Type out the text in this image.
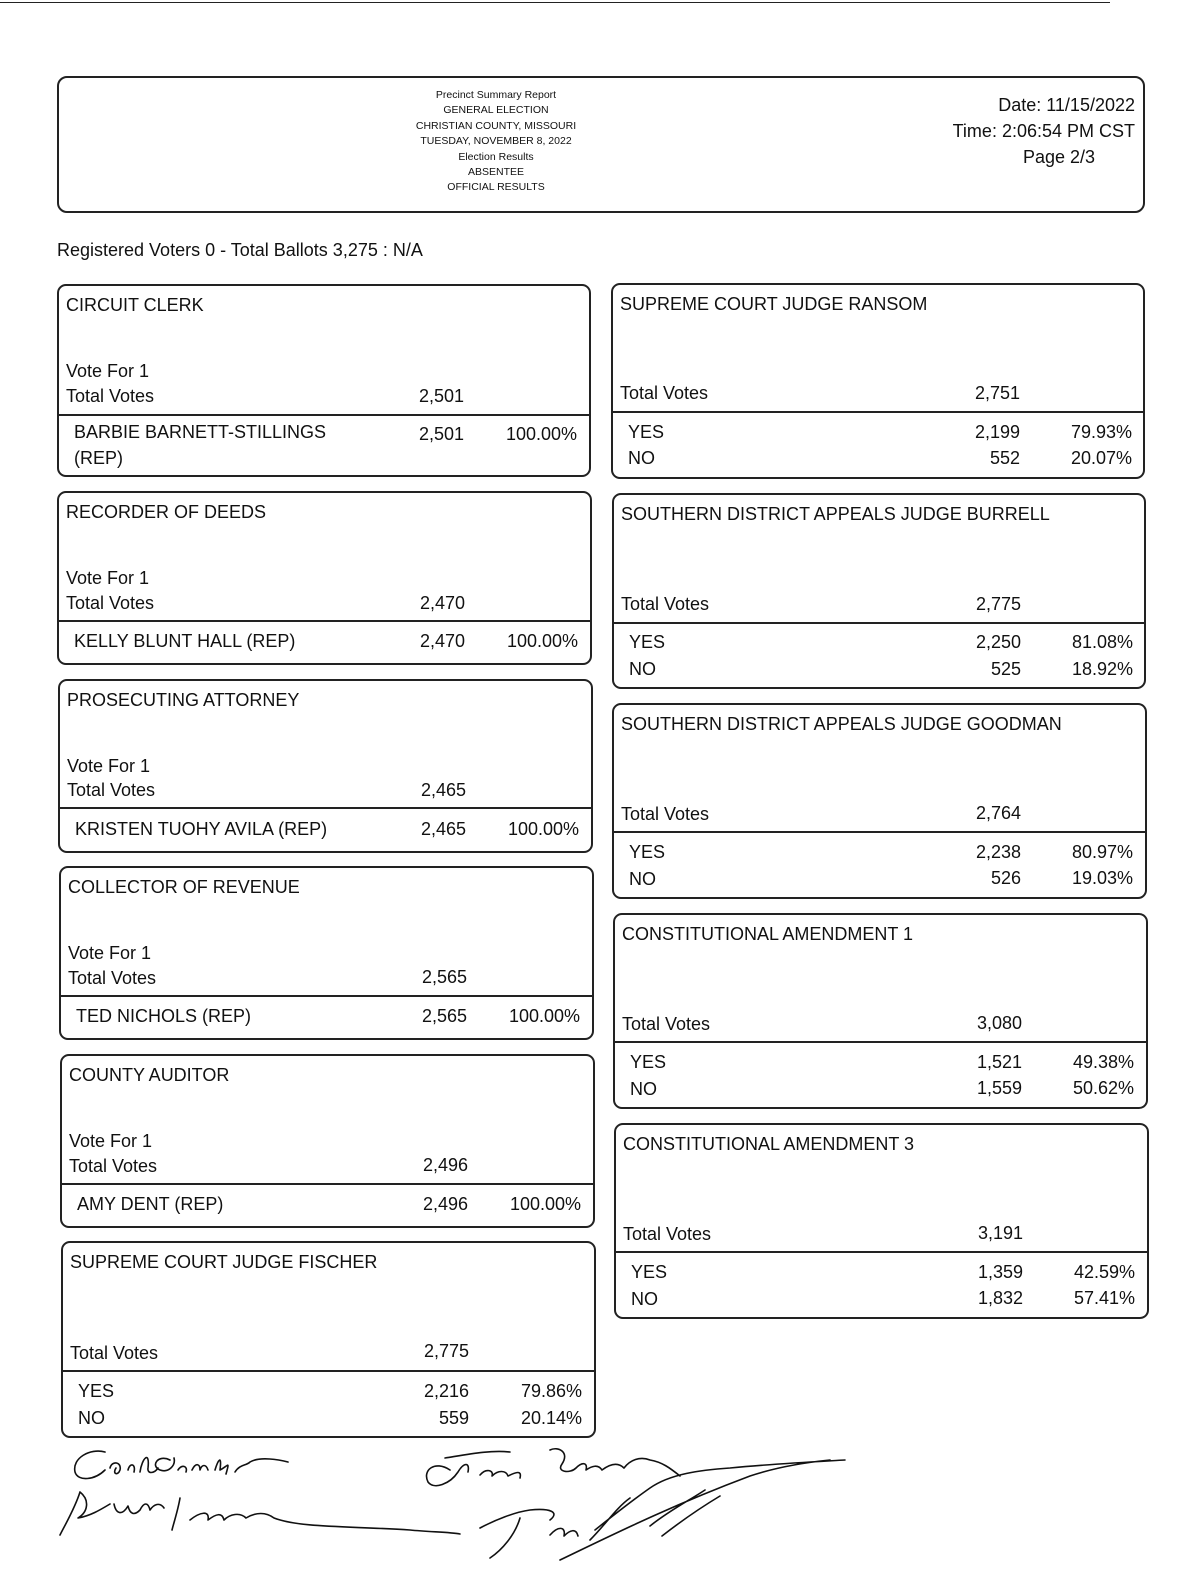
Precinct Summary Report
GENERAL ELECTION
CHRISTIAN COUNTY, MISSOURI
TUESDAY, NOVEMBER 8, 2022
Election Results
ABSENTEE
OFFICIAL RESULTS
Date: 11/15/2022
Time: 2:06:54 PM CST
Page 2/3
Registered Voters 0 - Total Ballots 3,275 : N/A
CIRCUIT CLERK
Vote For 1
Total Votes	2,501
BARBIE BARNETT-STILLINGS
(REP)
2,501	100.00%
RECORDER OF DEEDS
Vote For 1
Total Votes	2,470
KELLY BLUNT HALL (REP)	2,470	100.00%
PROSECUTING ATTORNEY
Vote For 1
Total Votes	2,465
KRISTEN TUOHY AVILA (REP)	2,465	100.00%
COLLECTOR OF REVENUE
Vote For 1
Total Votes	2,565
TED NICHOLS (REP)	2,565	100.00%
COUNTY AUDITOR
Vote For 1
Total Votes	2,496
AMY DENT (REP)	2,496	100.00%
SUPREME COURT JUDGE FISCHER
Total Votes	2,775
YES	2,216	79.86%
NO	559	20.14%
SUPREME COURT JUDGE RANSOM
Total Votes	2,751
YES	2,199	79.93%
NO	552	20.07%
SOUTHERN DISTRICT APPEALS JUDGE BURRELL
Total Votes	2,775
YES	2,250	81.08%
NO	525	18.92%
SOUTHERN DISTRICT APPEALS JUDGE GOODMAN
Total Votes	2,764
YES	2,238	80.97%
NO	526	19.03%
CONSTITUTIONAL AMENDMENT 1
Total Votes	3,080
YES	1,521	49.38%
NO	1,559	50.62%
CONSTITUTIONAL AMENDMENT 3
Total Votes	3,191
YES	1,359	42.59%
NO	1,832	57.41%
